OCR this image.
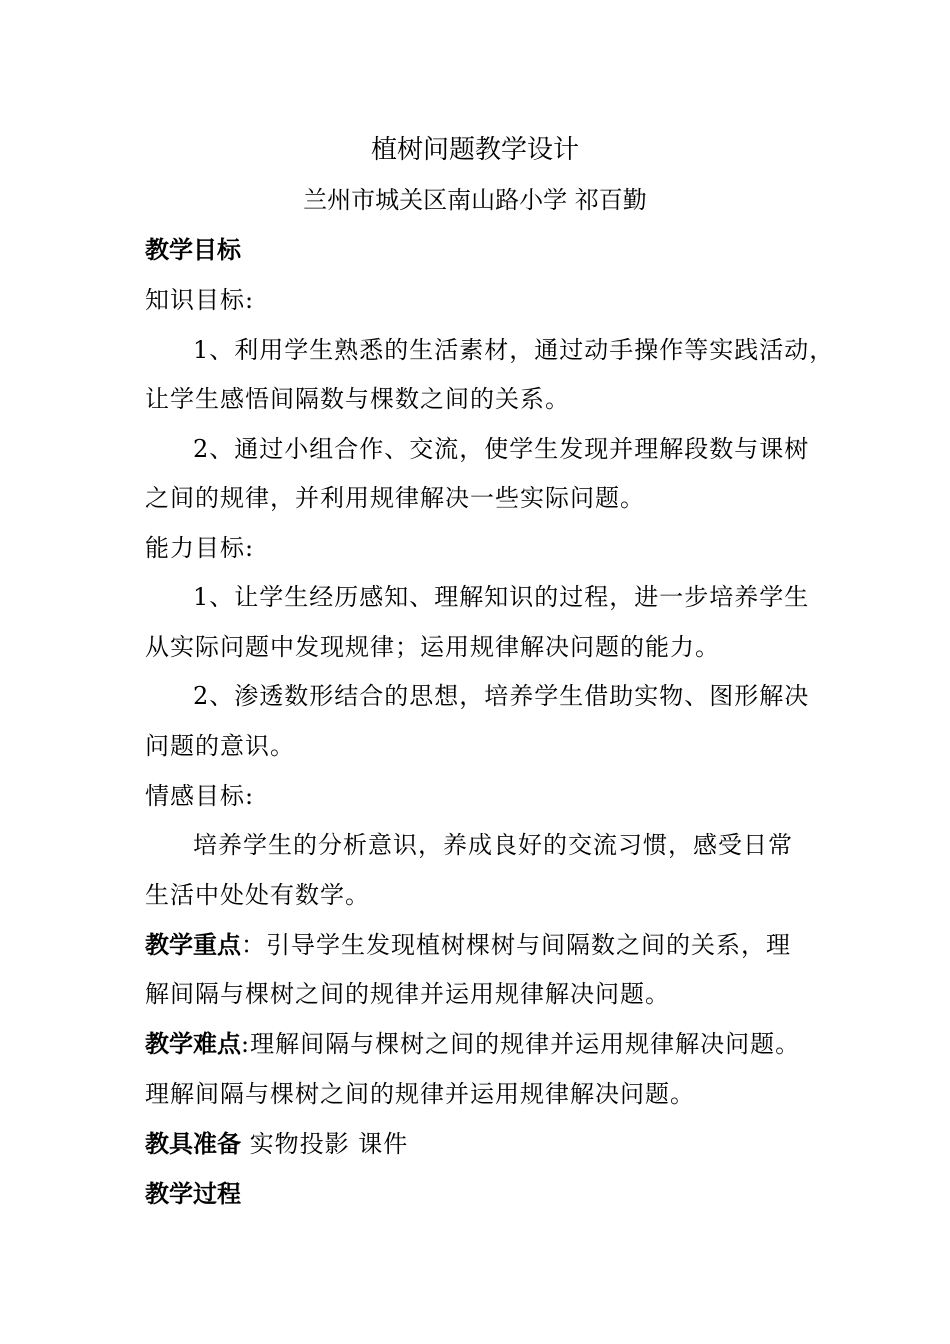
植树问题教学设计
兰州市城关区南山路小学 祁百勤
教学目标
知识目标:
1、利用学生熟悉的生活素材，通过动手操作等实践活动，
让学生感悟间隔数与棵数之间的关系。
2、通过小组合作、交流，使学生发现并理解段数与课树
之间的规律，并利用规律解决一些实际问题。
能力目标:
1、让学生经历感知、理解知识的过程，进一步培养学生
从实际问题中发现规律；运用规律解决问题的能力。
2、渗透数形结合的思想，培养学生借助实物、图形解决
问题的意识。
情感目标:
培养学生的分析意识，养成良好的交流习惯，感受日常
生活中处处有数学。
教学重点：引导学生发现植树棵树与间隔数之间的关系，理
解间隔与棵树之间的规律并运用规律解决问题。
教学难点:理解间隔与棵树之间的规律并运用规律解决问题。
理解间隔与棵树之间的规律并运用规律解决问题。
教具准备 实物投影 课件
教学过程
